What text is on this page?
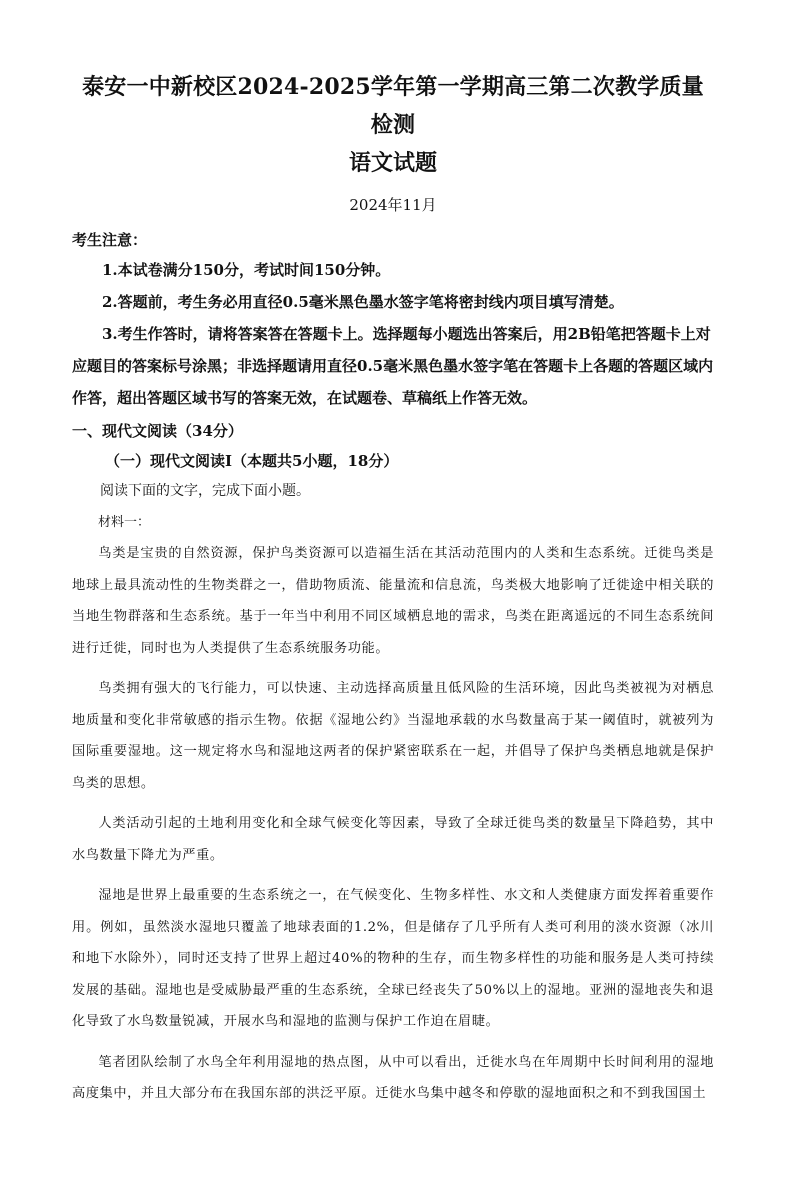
泰安一中新校区2024-2025学年第一学期高三第二次教学质量检测
语文试题
2024年11月
考生注意：

1.本试卷满分150分，考试时间150分钟。

2.答题前，考生务必用直径0.5毫米黑色墨水签字笔将密封线内项目填写清楚。

3.考生作答时，请将答案答在答题卡上。选择题每小题选出答案后，用2B铅笔把答题卡上对应题目的答案标号涂黑；非选择题请用直径0.5毫米黑色墨水签字笔在答题卡上各题的答题区域内作答，超出答题区域书写的答案无效，在试题卷、草稿纸上作答无效。

一、现代文阅读（34分）
（一）现代文阅读Ⅰ（本题共5小题，18分）
阅读下面的文字，完成下面小题。
材料一：

鸟类是宝贵的自然资源，保护鸟类资源可以造福生活在其活动范围内的人类和生态系统。迁徙鸟类是地球上最具流动性的生物类群之一，借助物质流、能量流和信息流，鸟类极大地影响了迁徙途中相关联的当地生物群落和生态系统。基于一年当中利用不同区域栖息地的需求，鸟类在距离遥远的不同生态系统间进行迁徙，同时也为人类提供了生态系统服务功能。

鸟类拥有强大的飞行能力，可以快速、主动选择高质量且低风险的生活环境，因此鸟类被视为对栖息地质量和变化非常敏感的指示生物。依据《湿地公约》当湿地承载的水鸟数量高于某一阈值时，就被列为国际重要湿地。这一规定将水鸟和湿地这两者的保护紧密联系在一起，并倡导了保护鸟类栖息地就是保护鸟类的思想。

人类活动引起的土地利用变化和全球气候变化等因素，导致了全球迁徙鸟类的数量呈下降趋势，其中水鸟数量下降尤为严重。

湿地是世界上最重要的生态系统之一，在气候变化、生物多样性、水文和人类健康方面发挥着重要作用。例如，虽然淡水湿地只覆盖了地球表面的1.2%，但是储存了几乎所有人类可利用的淡水资源（冰川和地下水除外），同时还支持了世界上超过40%的物种的生存，而生物多样性的功能和服务是人类可持续发展的基础。湿地也是受威胁最严重的生态系统，全球已经丧失了50%以上的湿地。亚洲的湿地丧失和退化导致了水鸟数量锐减，开展水鸟和湿地的监测与保护工作迫在眉睫。

笔者团队绘制了水鸟全年利用湿地的热点图，从中可以看出，迁徙水鸟在年周期中长时间利用的湿地高度集中，并且大部分布在我国东部的洪泛平原。迁徙水鸟集中越冬和停歇的湿地面积之和不到我国国土
